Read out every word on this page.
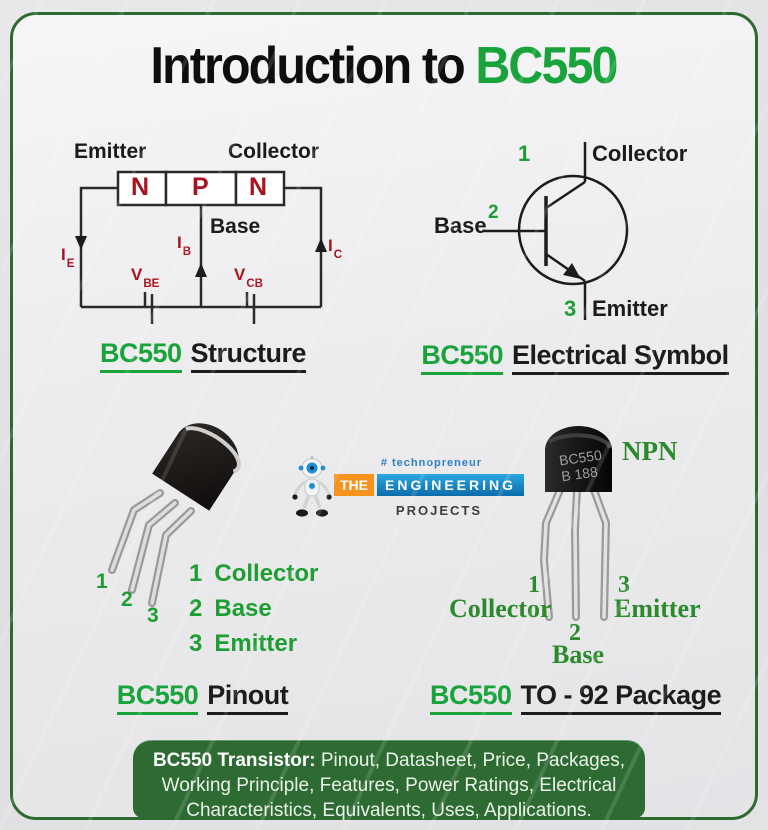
Introduction to BC550
Emitter	Collector
N P N
Base
$I_E$
$I_B$	$I_C$
$V_{BE}$
$V_{CB}$
BC550 Structure
1	Collector
Base
2
3 Emitter
BC550 Electrical Symbol
1
2
3
1 Collector
2 Base
3 Emitter
BC550 Pinout
# technopreneur
THE ENGINEERING
PROJECTS
BC550
B 188
NPN
1
Collector
3
Emitter
2
Base
BC550 TO - 92 Package
BC550 Transistor: Pinout, Datasheet, Price, Packages, Working Principle, Features, Power Ratings, Electrical Characteristics, Equivalents, Uses, Applications.
